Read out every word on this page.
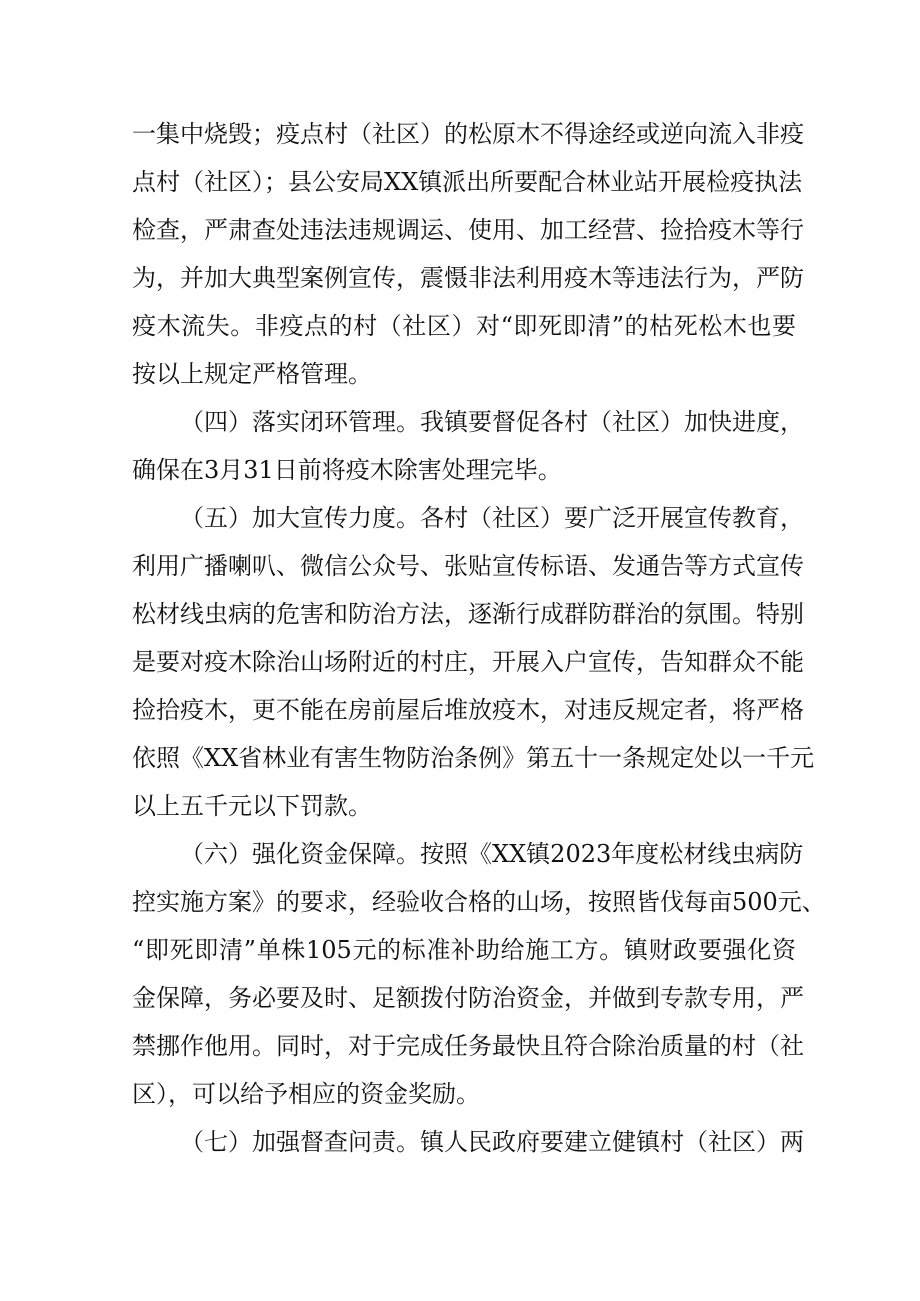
一集中烧毁；疫点村（社区）的松原木不得途经或逆向流入非疫
点村（社区）；县公安局XX镇派出所要配合林业站开展检疫执法
检查，严肃查处违法违规调运、使用、加工经营、捡拾疫木等行
为，并加大典型案例宣传，震慑非法利用疫木等违法行为，严防
疫木流失。非疫点的村（社区）对“即死即清”的枯死松木也要
按以上规定严格管理。
（四）落实闭环管理。我镇要督促各村（社区）加快进度，
确保在3月31日前将疫木除害处理完毕。
（五）加大宣传力度。各村（社区）要广泛开展宣传教育，
利用广播喇叭、微信公众号、张贴宣传标语、发通告等方式宣传
松材线虫病的危害和防治方法，逐渐行成群防群治的氛围。特别
是要对疫木除治山场附近的村庄，开展入户宣传，告知群众不能
捡拾疫木，更不能在房前屋后堆放疫木，对违反规定者，将严格
依照《XX省林业有害生物防治条例》第五十一条规定处以一千元
以上五千元以下罚款。
（六）强化资金保障。按照《XX镇2023年度松材线虫病防
控实施方案》的要求，经验收合格的山场，按照皆伐每亩500元、
“即死即清”单株105元的标准补助给施工方。镇财政要强化资
金保障，务必要及时、足额拨付防治资金，并做到专款专用，严
禁挪作他用。同时，对于完成任务最快且符合除治质量的村（社
区），可以给予相应的资金奖励。
（七）加强督查问责。镇人民政府要建立健镇村（社区）两
